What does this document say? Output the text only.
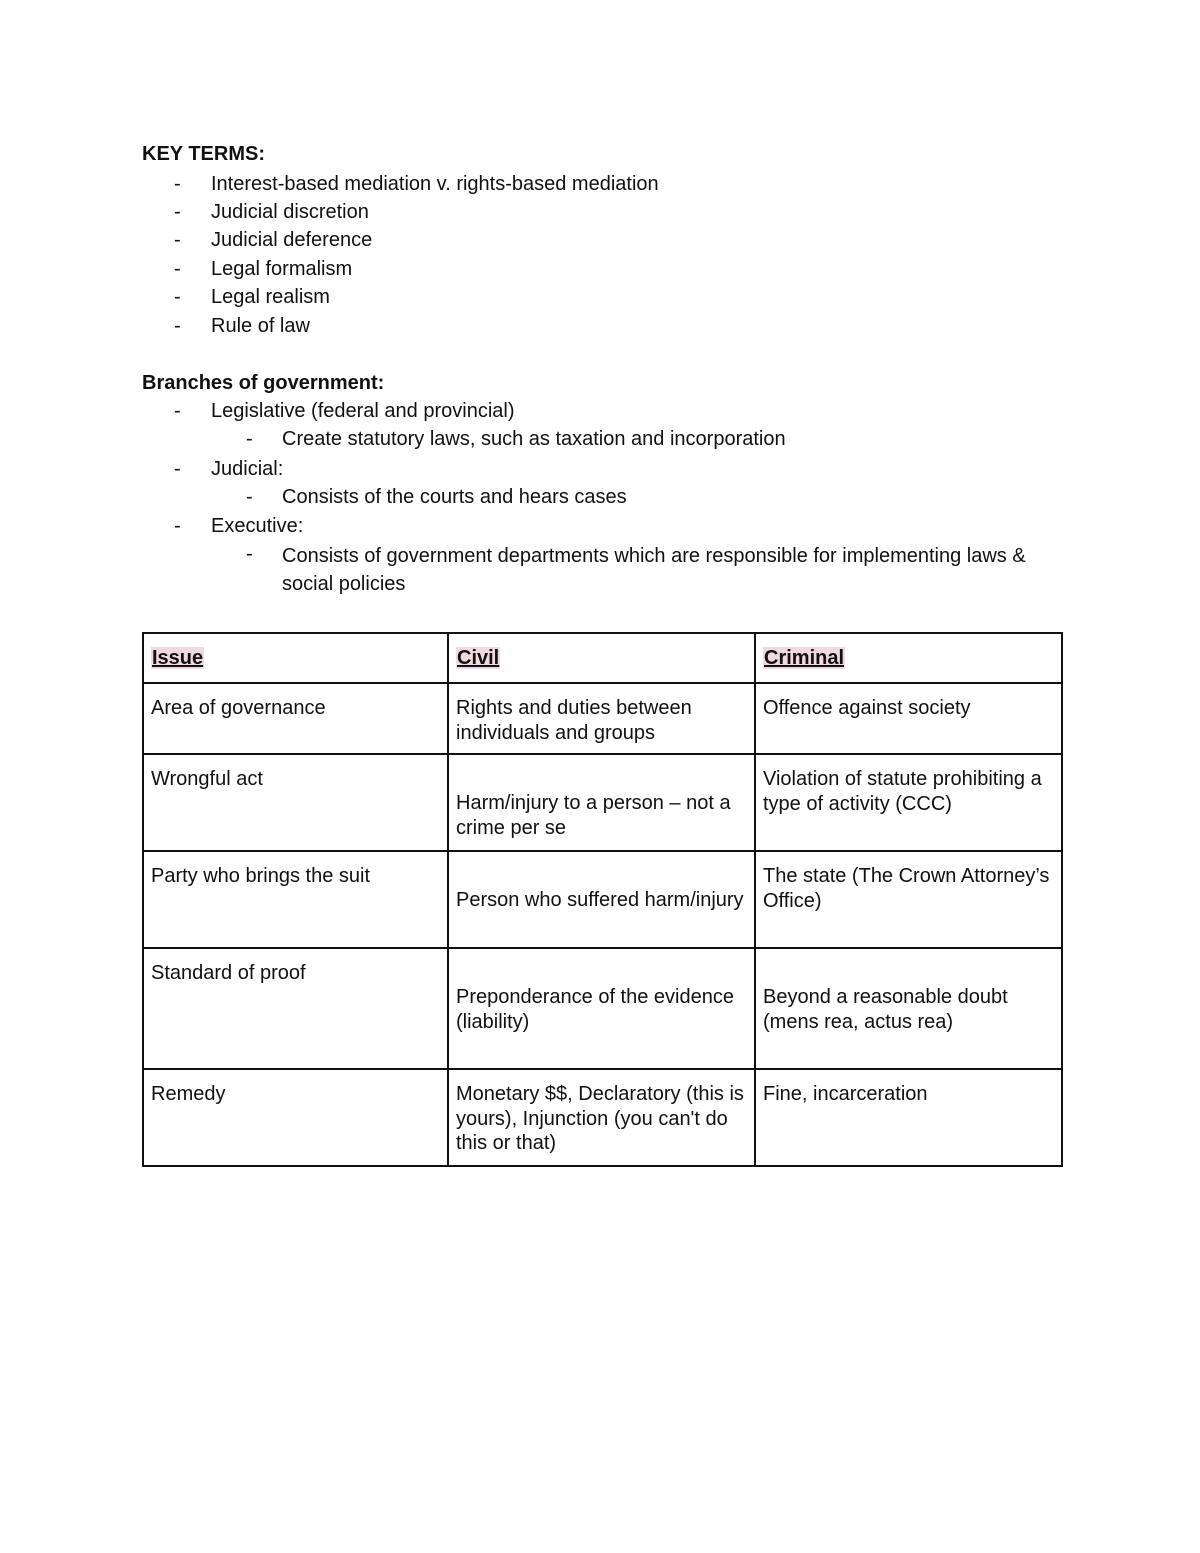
KEY TERMS:
- Interest-based mediation v. rights-based mediation
- Judicial discretion
- Judicial deference
- Legal formalism
- Legal realism
- Rule of law
Branches of government:
- Legislative (federal and provincial)
- Create statutory laws, such as taxation and incorporation
- Judicial:
- Consists of the courts and hears cases
- Executive:
- Consists of government departments which are responsible for implementing laws & social policies
Issue	Civil	Criminal
Area of governance	Rights and duties between individuals and groups	Offence against society
Wrongful act	Harm/injury to a person – not a crime per se	Violation of statute prohibiting a type of activity (CCC)
Party who brings the suit	Person who suffered harm/injury	The state (The Crown Attorney’s Office)
Standard of proof	Preponderance of the evidence (liability)	Beyond a reasonable doubt (mens rea, actus rea)

Remedy	Monetary $$, Declaratory (this is yours), Injunction (you can't do this or that)	Fine, incarceration
